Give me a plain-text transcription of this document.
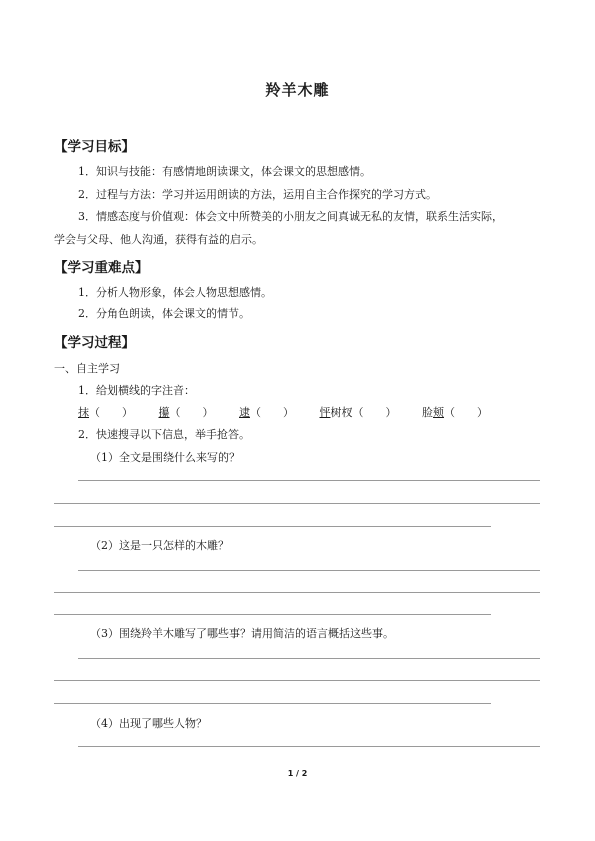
羚羊木雕
【学习目标】
1．知识与技能：有感情地朗读课文，体会课文的思想感情。
2．过程与方法：学习并运用朗读的方法，运用自主合作探究的学习方式。
3．情感态度与价值观：体会文中所赞美的小朋友之间真诚无私的友情，联系生活实际，
学会与父母、他人沟通，获得有益的启示。
【学习重难点】
1．分析人物形象，体会人物思想感情。
2．分角色朗读，体会课文的情节。
【学习过程】
一、自主学习
1．给划横线的字注音：
抹（　　） 攥（　　） 逮（　　） 怦树杈（　　） 脸颊（　　）
2．快速搜寻以下信息，举手抢答。
（1）全文是围绕什么来写的？
（2）这是一只怎样的木雕？
（3）围绕羚羊木雕写了哪些事？请用简洁的语言概括这些事。
（4）出现了哪些人物？
1 / 2
